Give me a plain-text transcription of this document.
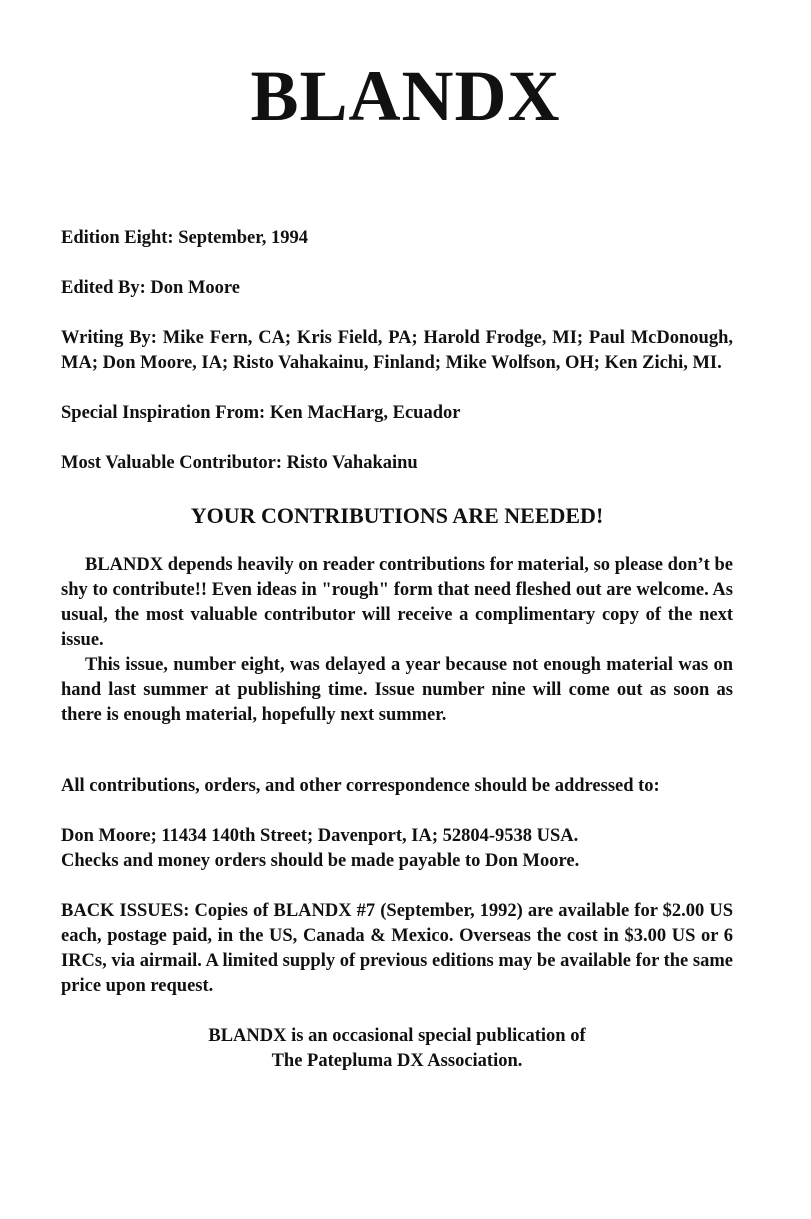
BLANDX
Edition Eight: September, 1994
Edited By: Don Moore
Writing By: Mike Fern, CA; Kris Field, PA; Harold Frodge, MI; Paul McDonough, MA; Don Moore, IA; Risto Vahakainu, Finland; Mike Wolfson, OH; Ken Zichi, MI.
Special Inspiration From: Ken MacHarg, Ecuador
Most Valuable Contributor: Risto Vahakainu
YOUR CONTRIBUTIONS ARE NEEDED!

BLANDX depends heavily on reader contributions for material, so please don’t be shy to contribute!! Even ideas in "rough" form that need fleshed out are welcome. As usual, the most valuable contributor will receive a complimentary copy of the next issue.

This issue, number eight, was delayed a year because not enough material was on hand last summer at publishing time. Issue number nine will come out as soon as there is enough material, hopefully next summer.

All contributions, orders, and other correspondence should be addressed to:
Don Moore; 11434 140th Street; Davenport, IA; 52804-9538 USA.
Checks and money orders should be made payable to Don Moore.
BACK ISSUES: Copies of BLANDX #7 (September, 1992) are available for $2.00 US each, postage paid, in the US, Canada & Mexico. Overseas the cost in $3.00 US or 6 IRCs, via airmail. A limited supply of previous editions may be available for the same price upon request.
BLANDX is an occasional special publication of
The Patepluma DX Association.
